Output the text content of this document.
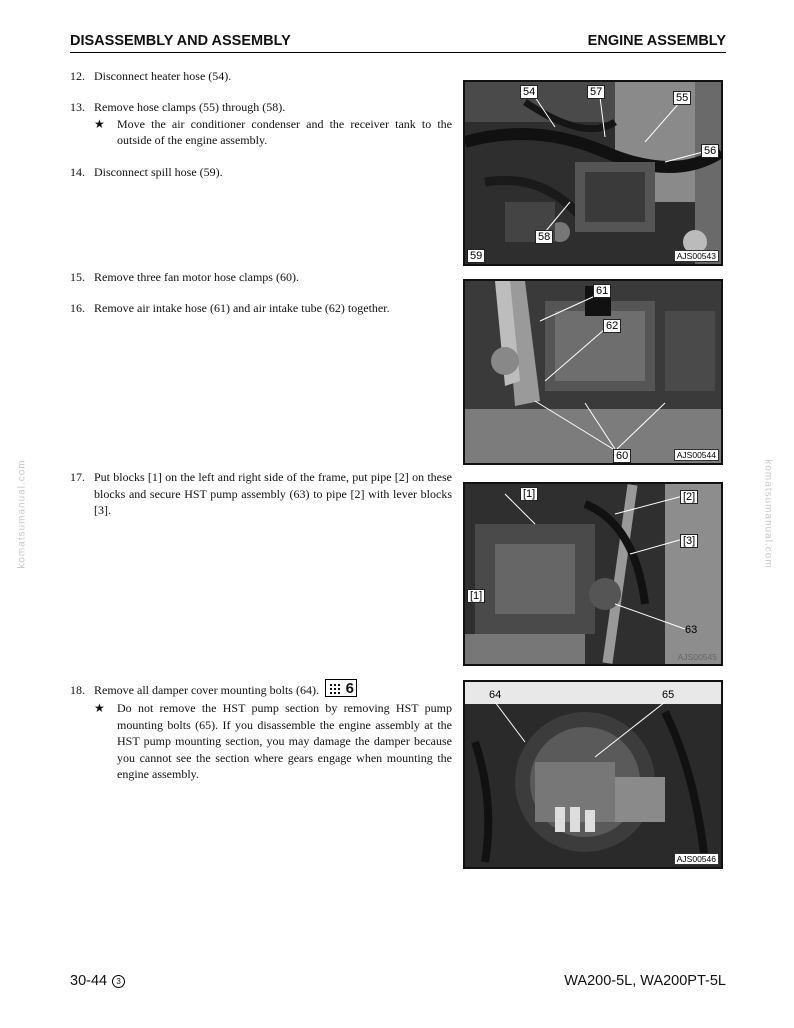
DISASSEMBLY AND ASSEMBLY	ENGINE ASSEMBLY
komatsumanual.com	komatsumanual.com
12. Disconnect heater hose (54).
13. Remove hose clamps (55) through (58).
★ Move the air conditioner condenser and the receiver tank to the outside of the engine assembly.
14. Disconnect spill hose (59).
15. Remove three fan motor hose clamps (60).
16. Remove air intake hose (61) and air intake tube (62) together.
17. Put blocks [1] on the left and right side of the frame, put pipe [2] on these blocks and secure HST pump assembly (63) to pipe [2] with lever blocks [3].
18. Remove all damper cover mounting bolts (64). 6
★ Do not remove the HST pump section by removing HST pump mounting bolts (65). If you disassemble the engine assembly at the HST pump mounting section, you may damage the damper because you cannot see the section where gears engage when mounting the engine assembly.
54	57	55
56
58
59	AJS00543
61
62
60	AJS00544
[1]	[2]
[3]
[1]
63
AJS00545
64	65
AJS00546
30-44 3	WA200-5L, WA200PT-5L
